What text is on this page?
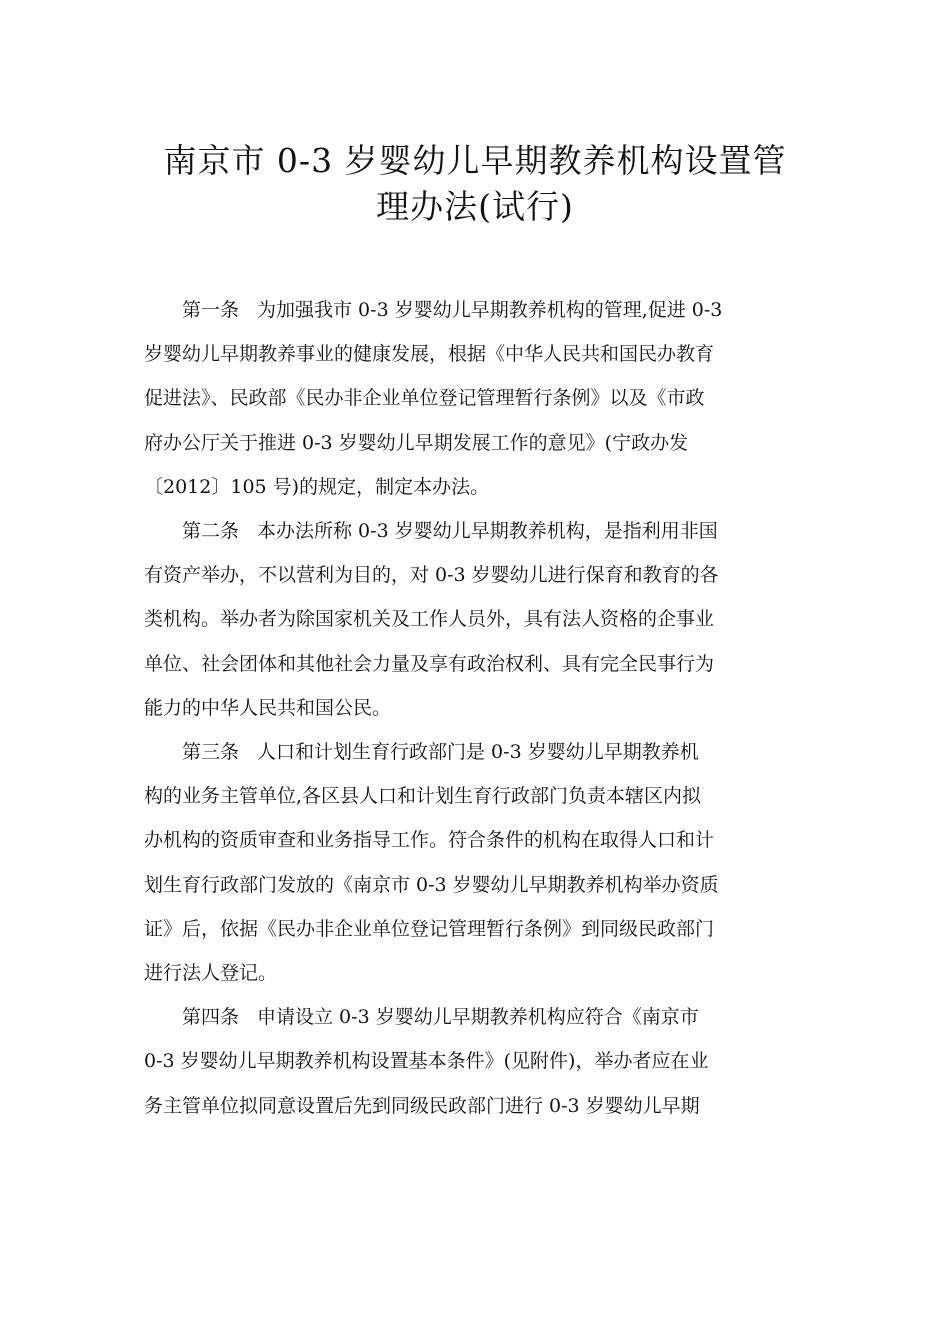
南京市 0-3 岁婴幼儿早期教养机构设置管
理办法(试行)
第一条 为加强我市 0-3 岁婴幼儿早期教养机构的管理,促进 0-3
岁婴幼儿早期教养事业的健康发展，根据《中华人民共和国民办教育
促进法》、民政部《民办非企业单位登记管理暂行条例》以及《市政
府办公厅关于推进 0-3 岁婴幼儿早期发展工作的意见》(宁政办发
〔2012〕105 号)的规定，制定本办法。
第二条 本办法所称 0-3 岁婴幼儿早期教养机构，是指利用非国
有资产举办，不以营利为目的，对 0-3 岁婴幼儿进行保育和教育的各
类机构。举办者为除国家机关及工作人员外，具有法人资格的企事业
单位、社会团体和其他社会力量及享有政治权利、具有完全民事行为
能力的中华人民共和国公民。
第三条 人口和计划生育行政部门是 0-3 岁婴幼儿早期教养机
构的业务主管单位,各区县人口和计划生育行政部门负责本辖区内拟
办机构的资质审查和业务指导工作。符合条件的机构在取得人口和计
划生育行政部门发放的《南京市 0-3 岁婴幼儿早期教养机构举办资质
证》后，依据《民办非企业单位登记管理暂行条例》到同级民政部门
进行法人登记。
第四条 申请设立 0-3 岁婴幼儿早期教养机构应符合《南京市
0-3 岁婴幼儿早期教养机构设置基本条件》(见附件)，举办者应在业
务主管单位拟同意设置后先到同级民政部门进行 0-3 岁婴幼儿早期
